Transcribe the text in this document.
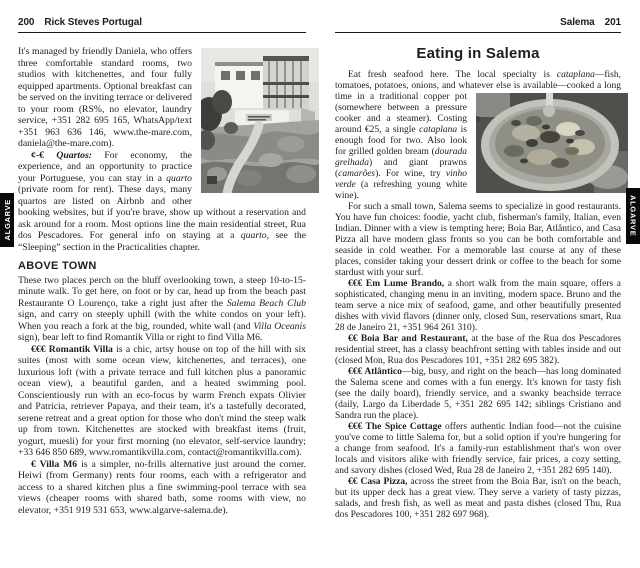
200 Rick Steves Portugal

It's managed by friendly Daniela, who offers three comfortable standard rooms, two studios with kitchenettes, and four fully equipped apartments. Optional breakfast can be served on the inviting terrace or delivered to your room (RS%, no elevator, laundry service, +351 282 695 165, WhatsApp/text +351 963 636 146, www.the-mare.com, daniela@the-mare.com).

¢-€ Quartos: For economy, the experience, and an opportunity to practice your Portuguese, you can stay in a quarto (private room for rent). These days, many quartos are listed on Airbnb and other booking websites, but if you're brave, show up without a reservation and ask around for a room. Most options line the main residential street, Rua dos Pescadores. For general info on staying at a quarto, see the “Sleeping” section in the Practicalities chapter.

ABOVE TOWN

These two places perch on the bluff overlooking town, a steep 10-to-15-minute walk. To get here, on foot or by car, head up from the beach past Restaurante O Lourenço, take a right just after the Salema Beach Club sign, and carry on steeply uphill (with the white condos on your left). When you reach a fork at the big, rounded, white wall (and Villa Oceanis sign), bear left to find Romantik Villa or right to find Villa M6.

€€€ Romantik Villa is a chic, artsy house on top of the hill with six suites (most with some ocean view, kitchenettes, and terraces), one luxurious loft (with a private terrace and full kitchen plus a panoramic ocean view), a beautiful garden, and a heated swimming pool. Conscientiously run with an eco-focus by warm French expats Olivier and Patricia, retriever Papaya, and their team, it's a tastefully decorated, serene retreat and a great option for those who don't mind the steep walk up from town. Kitchenettes are stocked with breakfast items (fruit, yogurt, muesli) for your first morning (no elevator, self-service laundry; +33 646 850 689, www.romantikvilla.com, contact@romantikvilla.com).

€ Villa M6 is a simpler, no-frills alternative just around the corner. Heiwi (from Germany) rents four rooms, each with a refrigerator and access to a shared kitchen plus a fine swimming-pool terrace with sea views (cheaper rooms with shared bath, some rooms with view, no elevator, +351 919 531 653, www.algarve-salema.de).

Salema 201
Eating in Salema

Eat fresh seafood here. The local specialty is cataplana—fish, tomatoes, potatoes, onions, and whatever else is available—cooked
a long time in a traditional copper pot (somewhere between a pressure cooker and a steamer). Costing around €25, a single cataplana is enough food for two. Also look for grilled golden bream (dourada grelhada) and giant prawns (camarões). For wine, try vinho verde (a refreshing young white wine).

For such a small town, Salema seems to specialize in good restaurants. You have fun choices: foodie, yacht club, fisherman's family, Italian, even Indian. Dinner with a view is tempting here; Boia Bar, Atlântico, and Casa Pizza all have modern glass fronts so you can be both comfortable and seaside in cold weather. For a memorable last course at any of these places, consider taking your dessert drink or coffee to the beach for some stardust with your surf.

€€€ Em Lume Brando, a short walk from the main square, offers a sophisticated, changing menu in an inviting, modern space. Bruno and the team serve a nice mix of seafood, game, and other beautifully presented dishes with vivid flavors (dinner only, closed Sun, reservations smart, Rua 28 de Janeiro 21, +351 964 261 310).

€€ Boia Bar and Restaurant, at the base of the Rua dos Pescadores residential street, has a classy beachfront setting with tables inside and out (closed Mon, Rua dos Pescadores 101, +351 282 695 382).

€€€ Atlântico—big, busy, and right on the beach—has long dominated the Salema scene and comes with a fun energy. It's known for tasty fish (see the daily board), friendly service, and a swanky beachside terrace (daily, Largo da Liberdade 5, +351 282 695 142; siblings Cristiano and Sandra run the place).

€€€ The Spice Cottage offers authentic Indian food—not the cuisine you've come to little Salema for, but a solid option if you're hungering for a change from seafood. It's a family-run establishment that's won over locals and visitors alike with friendly service, fair prices, a cozy setting, and savory dishes (closed Wed, Rua 28 de Janeiro 2, +351 282 695 140).

€€ Casa Pizza, across the street from the Boia Bar, isn't on the beach, but its upper deck has a great view. They serve a variety of tasty pizzas, salads, and fresh fish, as well as meat and pasta dishes (closed Thu, Rua dos Pescadores 100, +351 282 697 968).

ALGARVE	ALGARVE
